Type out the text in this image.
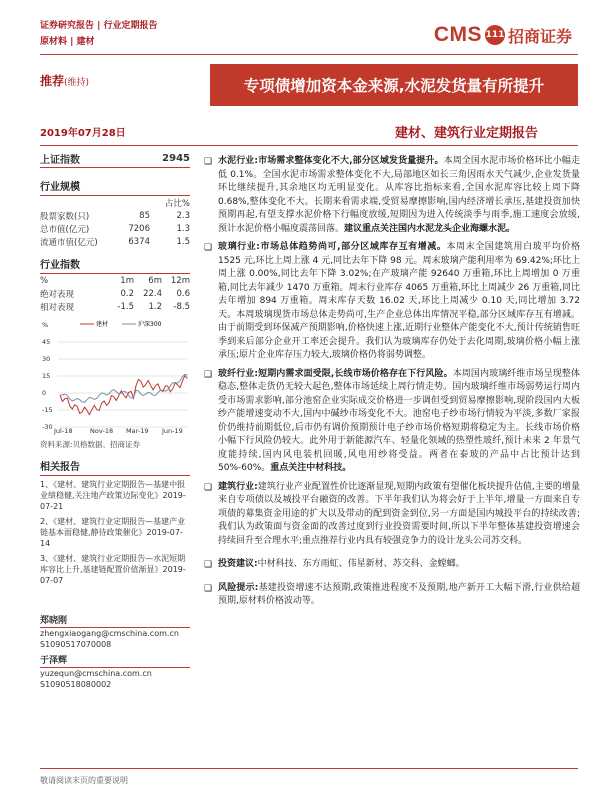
证券研究报告 | 行业定期报告
原材料 | 建材	CMS 111 招商证券
推荐(维持)	专项债增加资本金来源,水泥发货量有所提升
2019年07月28日	建材、建筑行业定期报告
上证指数	2945
行业规模
占比%
股票家数(只)	85	2.3
总市值(亿元)	7206	1.3
流通市值(亿元)	6374	1.5
行业指数
%	1m	6m	12m
绝对表现	0.2	22.4	0.6
相对表现	-1.5	1.2	-8.5
%
45
30
15
0
-15
-30 Jul-18	Nov-18 Mar-19 Jun-19
建材	沪深300
资料来源:贝格数据、招商证券
相关报告
1、《建材、建筑行业定期报告—基建中报业绩稳健,关注地产政策边际变化》2019-07-21
2、《建材、建筑行业定期报告—基建产业链基本面稳健,静待政策催化》2019-07-14
3、《建材、建筑行业定期报告—水泥短期库容比上升,基建链配置价值渐显》2019-07-07
郑晓刚
zhengxiaogang@cmschina.com.cn
S1090517070008
于泽辉
yuzequn@cmschina.com.cn
S1090518080002
❑ 水泥行业:市场需求整体变化不大,部分区域发货量提升。本周全国水泥市场价格环比小幅走低 0.1%。全国水泥市场需求整体变化不大,局部地区如长三角因雨水天气减少,企业发货量环比继续提升,其余地区均无明显变化。从库容比指标来看,全国水泥库容比较上周下降 0.68%,整体变化不大。长期来看需求端,受贸易摩擦影响,国内经济增长承压,基建投资加快预期再起,有望支撑水泥价格下行幅度放缓,短期因为进入传统淡季与雨季,施工速度会放缓,预计水泥价格小幅度震荡回落。建议重点关注国内水泥龙头企业海螺水泥。
❑ 玻璃行业:市场总体趋势尚可,部分区域库存互有增减。本周末全国建筑用白玻平均价格 1525 元,环比上周上涨 4 元,同比去年下降 98 元。周末玻璃产能利用率为 69.42%;环比上周上涨 0.00%,同比去年下降 3.02%;在产玻璃产能 92640 万重箱,环比上周增加 0 万重箱,同比去年减少 1470 万重箱。周末行业库存 4065 万重箱,环比上周减少 26 万重箱,同比去年增加 894 万重箱。周末库存天数 16.02 天,环比上周减少 0.10 天,同比增加 3.72 天。本周玻璃现货市场总体走势尚可,生产企业总体出库情况平稳,部分区域库存互有增减。由于前期受到环保减产预期影响,价格快速上涨,近期行业整体产能变化不大,预计传统销售旺季到来后部分企业开工率还会提升。我们认为玻璃库存仍处于去化周期,玻璃价格小幅上涨承压;原片企业库存压力较大,玻璃价格仍将弱势调整。
❑ 玻纤行业:短期内需求面受限,长线市场价格存在下行风险。本周国内玻璃纤维市场呈现整体稳态,整体走货仍无较大起色,整体市场延续上周行情走势。国内玻璃纤维市场弱势运行周内受市场需求影响,部分池窑企业实际成交价格进一步调但受到贸易摩擦影响,现阶段国内大板纱产能增速变动不大,国内中碱纱市场变化不大。池窑电子纱市场行情较为平淡,多数厂家报价仍维持前期低位,后市仍有调价预期预计电子纱市场价格短期将稳定为主。长线市场价格小幅下行风险仍较大。此外用于新能源汽车、轻量化领域的热塑性玻纤,预计未来 2 年景气度能持续,国内风电装机回暖,风电用纱将受益。两者在泰玻的产品中占比预计达到 50%-60%。重点关注中材科技。
❑ 建筑行业:建筑行业产业配置性价比逐渐显现,短期内政策有望催化板块提升估值,主要的增量来自专项债以及城投平台融资的改善。下半年我们认为将会好于上半年,增量一方面来自专项债的募集资金用途的扩大以及带动的配到资金到位,另一方面是国内城投平台的持续改善;我们认为政策面与资金面的改善过度到行业投资需要时间,所以下半年整体基建投资增速会持续回升至合理水平;重点推荐行业内具有较强竞争力的设计龙头公司苏交科。
❑ 投资建议:中材科技、东方雨虹、伟星新材、苏交科、金螳螂。
❑ 风险提示:基建投资增速不达预期,政策推进程度不及预期,地产新开工大幅下滑,行业供给超预期,原材料价格波动等。
敬请阅读末页的重要说明
